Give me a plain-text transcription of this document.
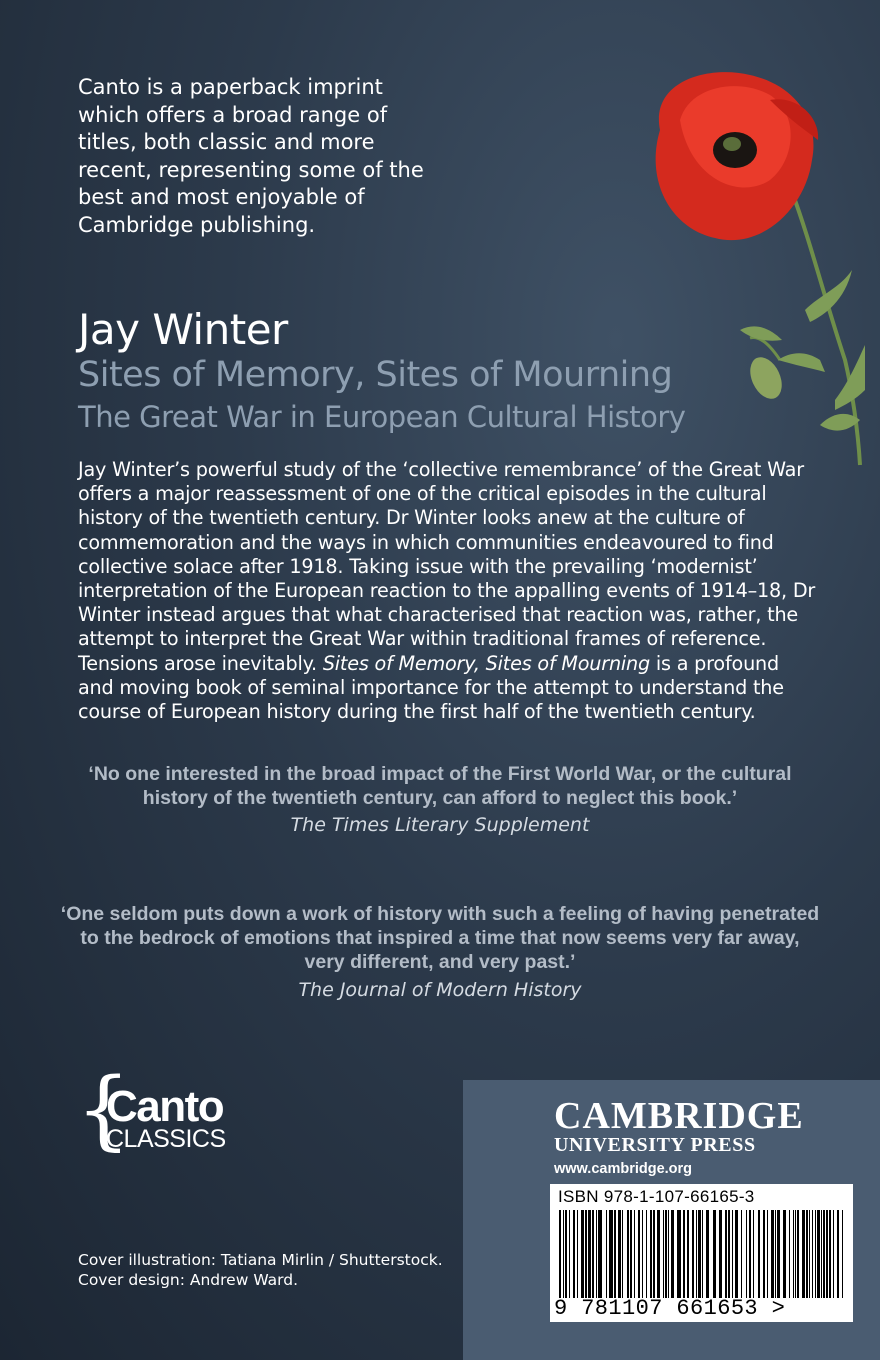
Canto is a paperback imprint which offers a broad range of titles, both classic and more recent, representing some of the best and most enjoyable of Cambridge publishing.

Jay Winter
Sites of Memory, Sites of Mourning
The Great War in European Cultural History

Jay Winter’s powerful study of the ‘collective remembrance’ of the Great War offers a major reassessment of one of the critical episodes in the cultural history of the twentieth century. Dr Winter looks anew at the culture of commemoration and the ways in which communities endeavoured to find collective solace after 1918. Taking issue with the prevailing ‘modernist’ interpretation of the European reaction to the appalling events of 1914–18, Dr Winter instead argues that what characterised that reaction was, rather, the attempt to interpret the Great War within traditional frames of reference. Tensions arose inevitably. Sites of Memory, Sites of Mourning is a profound and moving book of seminal importance for the attempt to understand the course of European history during the first half of the twentieth century.

‘No one interested in the broad impact of the First World War, or the cultural history of the twentieth century, can afford to neglect this book.’

The Times Literary Supplement

‘One seldom puts down a work of history with such a feeling of having penetrated to the bedrock of emotions that inspired a time that now seems very far away, very different, and very past.’

The Journal of Modern History

{
Canto
CLASSICS

Cover illustration: Tatiana Mirlin / Shutterstock.

Cover design: Andrew Ward.

CAMBRIDGE

UNIVERSITY PRESS

www.cambridge.org

ISBN 978-1-107-66165-3
9 781107 661653 >
